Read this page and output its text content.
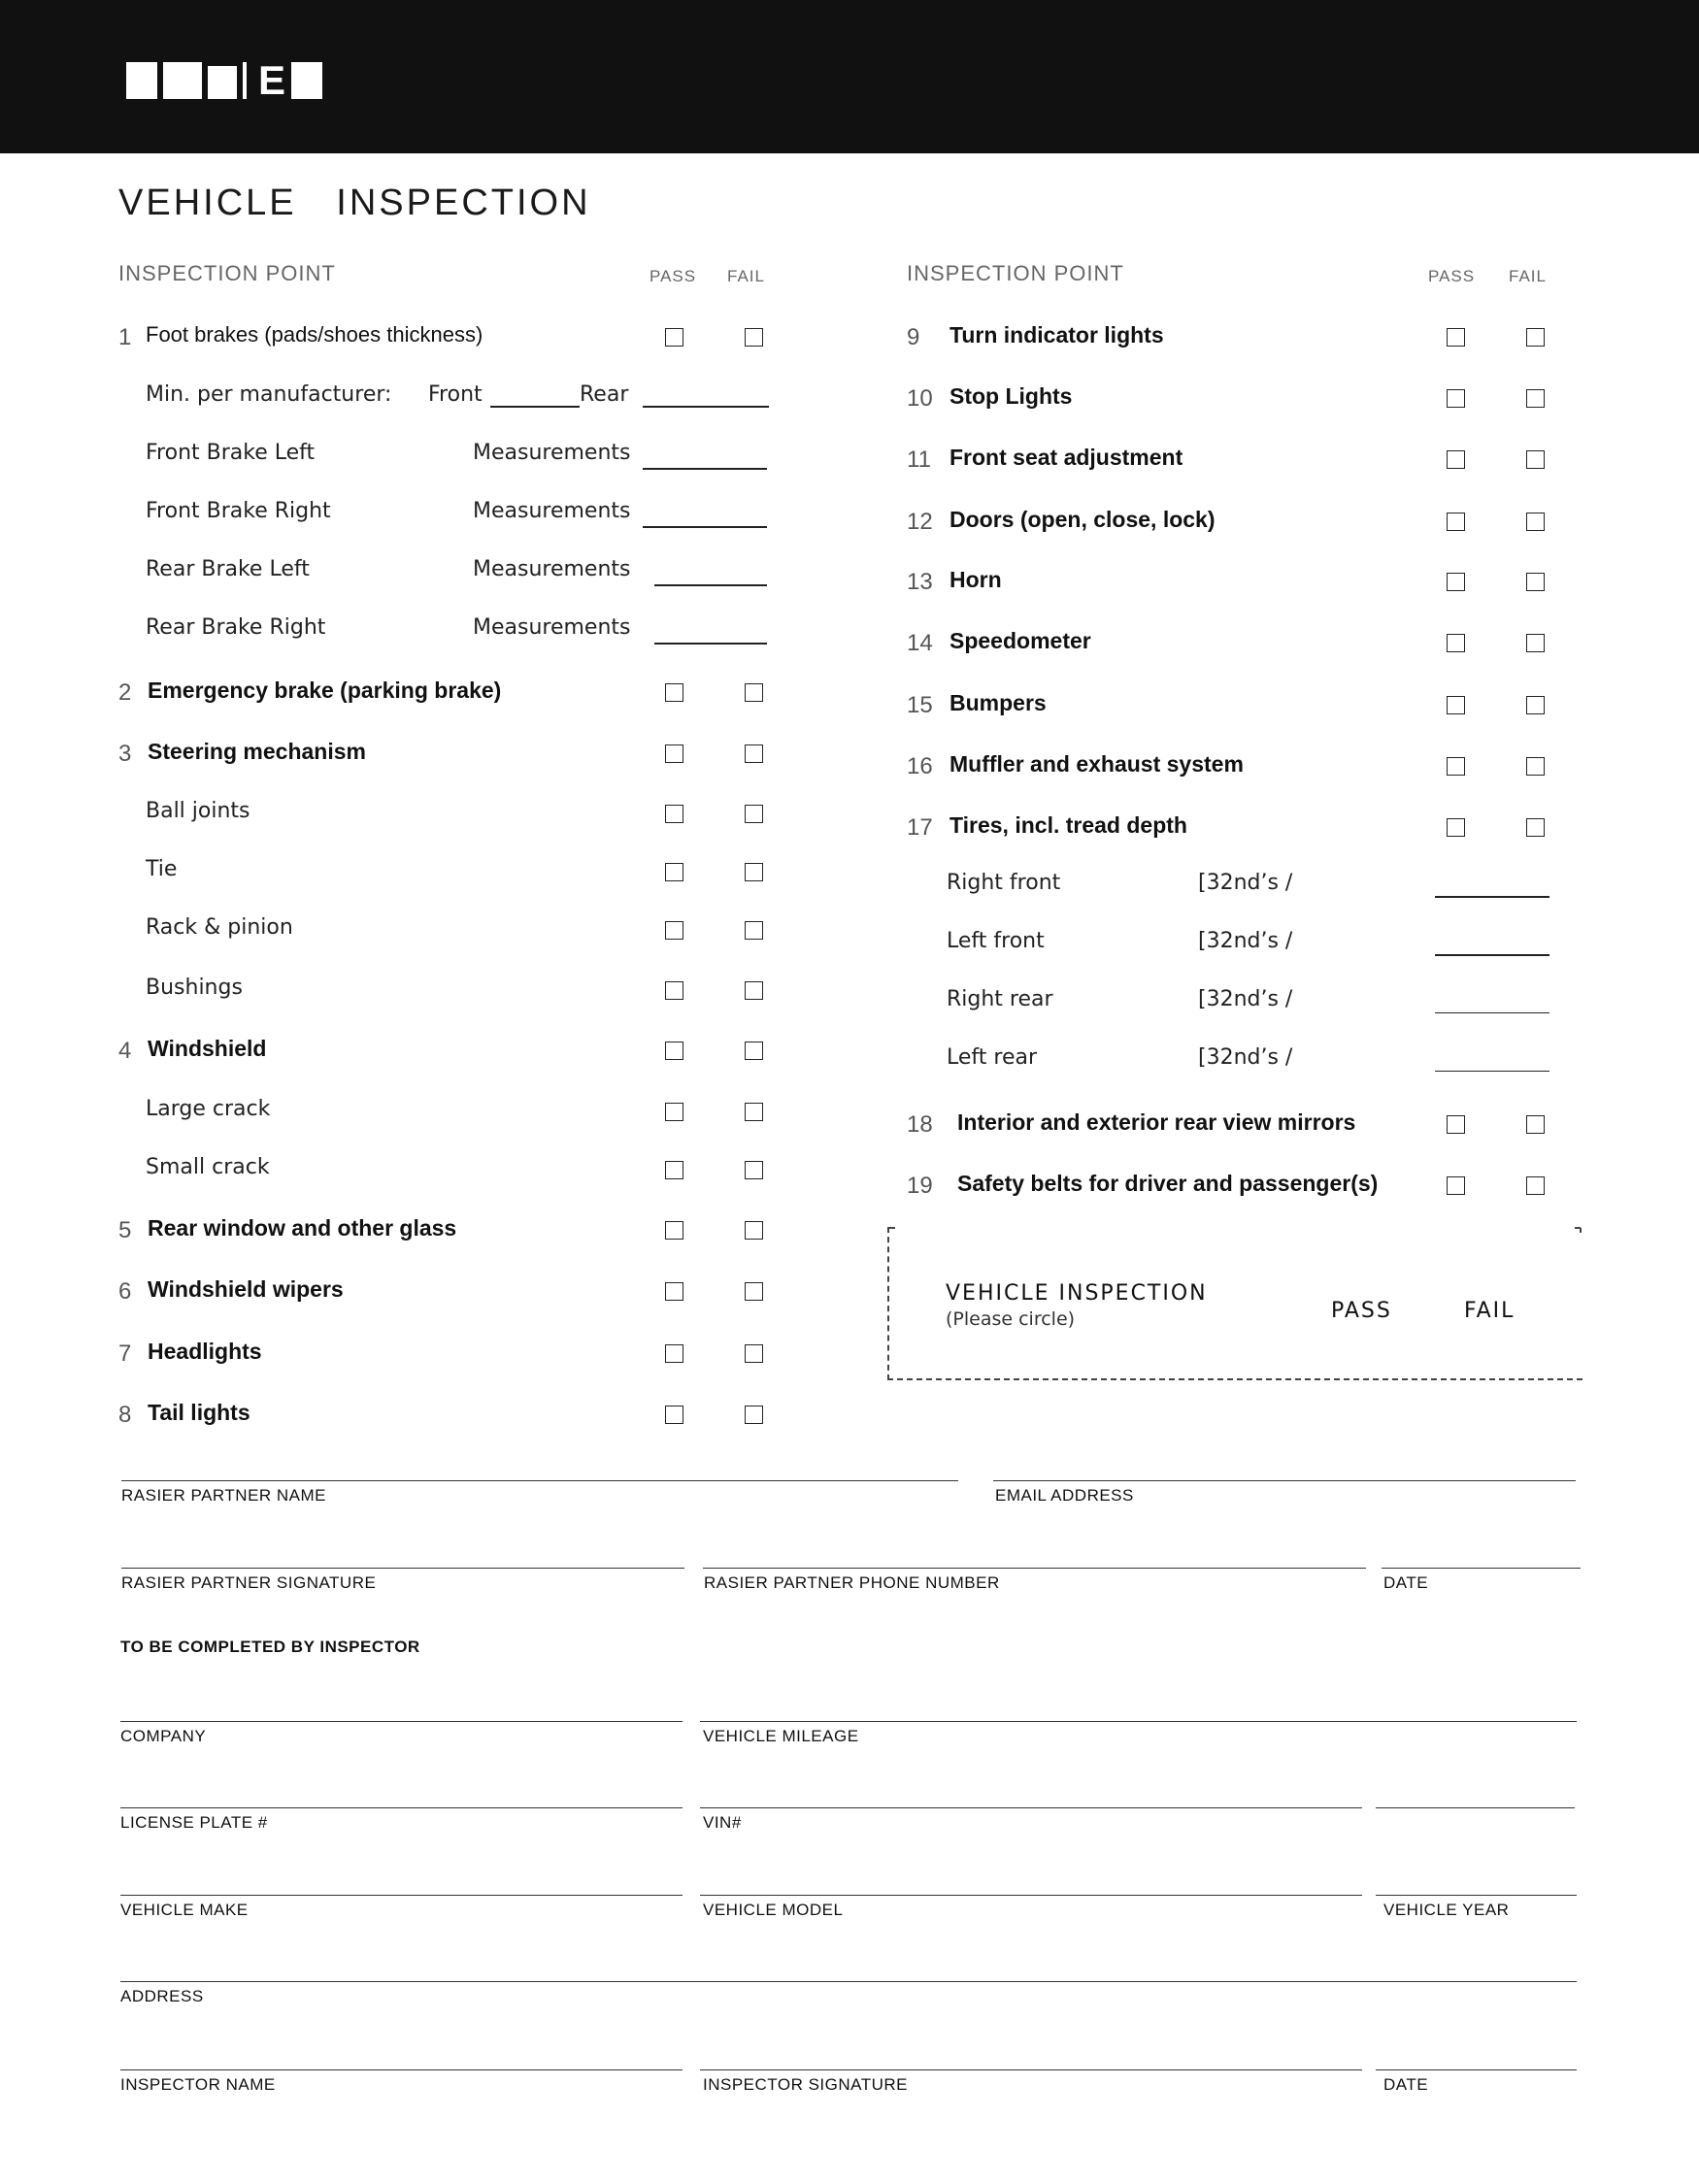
E
VEHICLE   INSPECTION
INSPECTION POINT	PASS FAIL	INSPECTION POINT	PASS FAIL
1 Foot brakes (pads/shoes thickness)
Min. per manufacturer: Front	Rear
Front Brake Left	Measurements
Front Brake Right	Measurements
Rear Brake Left	Measurements
Rear Brake Right	Measurements
2 Emergency brake (parking brake)
3 Steering mechanism
Ball joints
Tie
Rack & pinion
Bushings
4 Windshield
Large crack
Small crack
5 Rear window and other glass
6 Windshield wipers
7 Headlights
8 Tail lights
9 Turn indicator lights
10 Stop Lights
11 Front seat adjustment
12 Doors (open, close, lock)
13 Horn
14 Speedometer
15 Bumpers
16 Muffler and exhaust system
17 Tires, incl. tread depth
Right front	[32nd’s /
Left front	[32nd’s /
Right rear	[32nd’s /
Left rear	[32nd’s /
18 Interior and exterior rear view mirrors
19 Safety belts for driver and passenger(s)
VEHICLE INSPECTION
(Please circle)	PASS	FAIL
RASIER PARTNER NAME	EMAIL ADDRESS
RASIER PARTNER SIGNATURE	RASIER PARTNER PHONE NUMBER	DATE
TO BE COMPLETED BY INSPECTOR
COMPANY	VEHICLE MILEAGE
LICENSE PLATE #	VIN#
VEHICLE MAKE	VEHICLE MODEL	VEHICLE YEAR
ADDRESS
INSPECTOR NAME	INSPECTOR SIGNATURE	DATE
